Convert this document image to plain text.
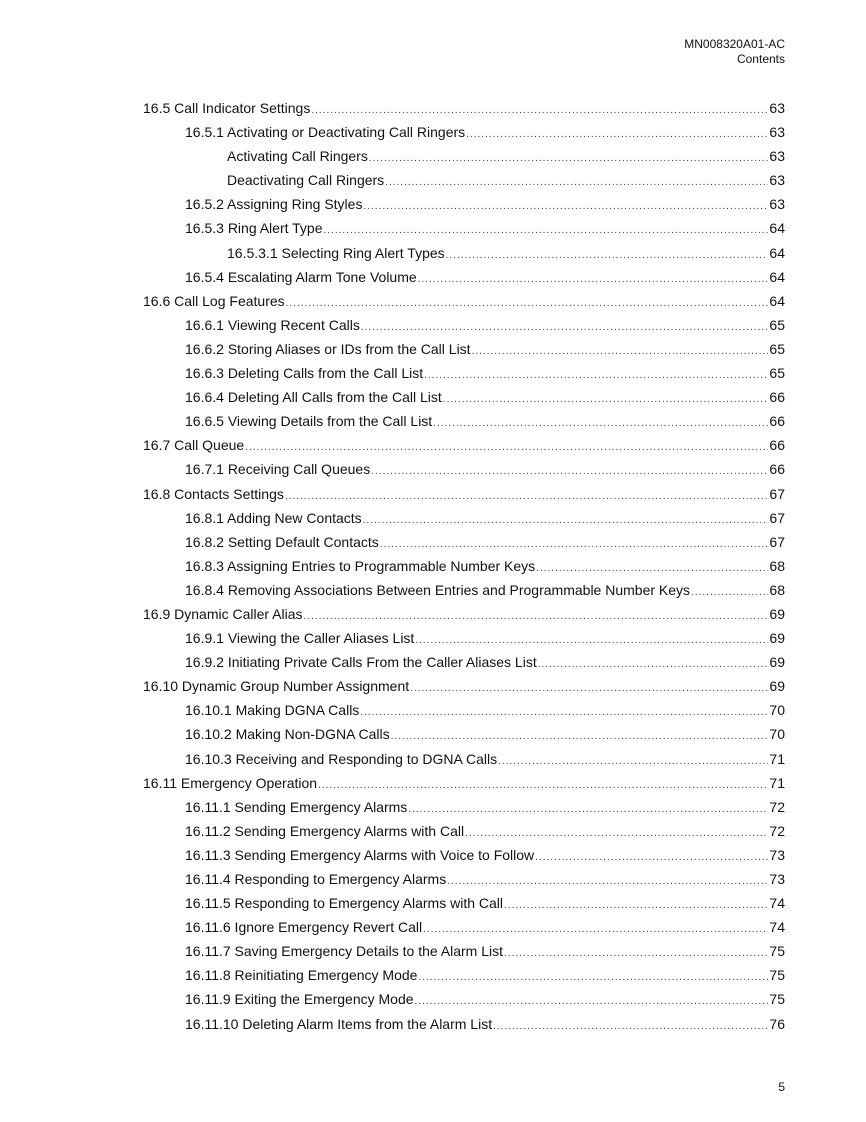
MN008320A01-AC
Contents
16.5 Call Indicator Settings .....	63
16.5.1 Activating or Deactivating Call Ringers .....	63
Activating Call Ringers .....	63
Deactivating Call Ringers .....	63
16.5.2 Assigning Ring Styles .....	63
16.5.3 Ring Alert Type .....	64
16.5.3.1 Selecting Ring Alert Types .....	64
16.5.4 Escalating Alarm Tone Volume .....	64
16.6 Call Log Features .....	64
16.6.1 Viewing Recent Calls .....	65
16.6.2 Storing Aliases or IDs from the Call List .....	65
16.6.3 Deleting Calls from the Call List .....	65
16.6.4 Deleting All Calls from the Call List .....	66
16.6.5 Viewing Details from the Call List .....	66
16.7 Call Queue .....	66
16.7.1 Receiving Call Queues .....	66
16.8 Contacts Settings .....	67
16.8.1 Adding New Contacts .....	67
16.8.2 Setting Default Contacts .....	67
16.8.3 Assigning Entries to Programmable Number Keys .....	68
16.8.4 Removing Associations Between Entries and Programmable Number Keys .....	68
16.9 Dynamic Caller Alias .....	69
16.9.1 Viewing the Caller Aliases List .....	69
16.9.2 Initiating Private Calls From the Caller Aliases List .....	69
16.10 Dynamic Group Number Assignment .....	69
16.10.1 Making DGNA Calls .....	70
16.10.2 Making Non-DGNA Calls .....	70
16.10.3 Receiving and Responding to DGNA Calls .....	71
16.11 Emergency Operation .....	71
16.11.1 Sending Emergency Alarms .....	72
16.11.2 Sending Emergency Alarms with Call .....	72
16.11.3 Sending Emergency Alarms with Voice to Follow .....	73
16.11.4 Responding to Emergency Alarms .....	73
16.11.5 Responding to Emergency Alarms with Call .....	74
16.11.6 Ignore Emergency Revert Call .....	74
16.11.7 Saving Emergency Details to the Alarm List .....	75
16.11.8 Reinitiating Emergency Mode .....	75
16.11.9 Exiting the Emergency Mode .....	75
16.11.10 Deleting Alarm Items from the Alarm List .....	76
5
